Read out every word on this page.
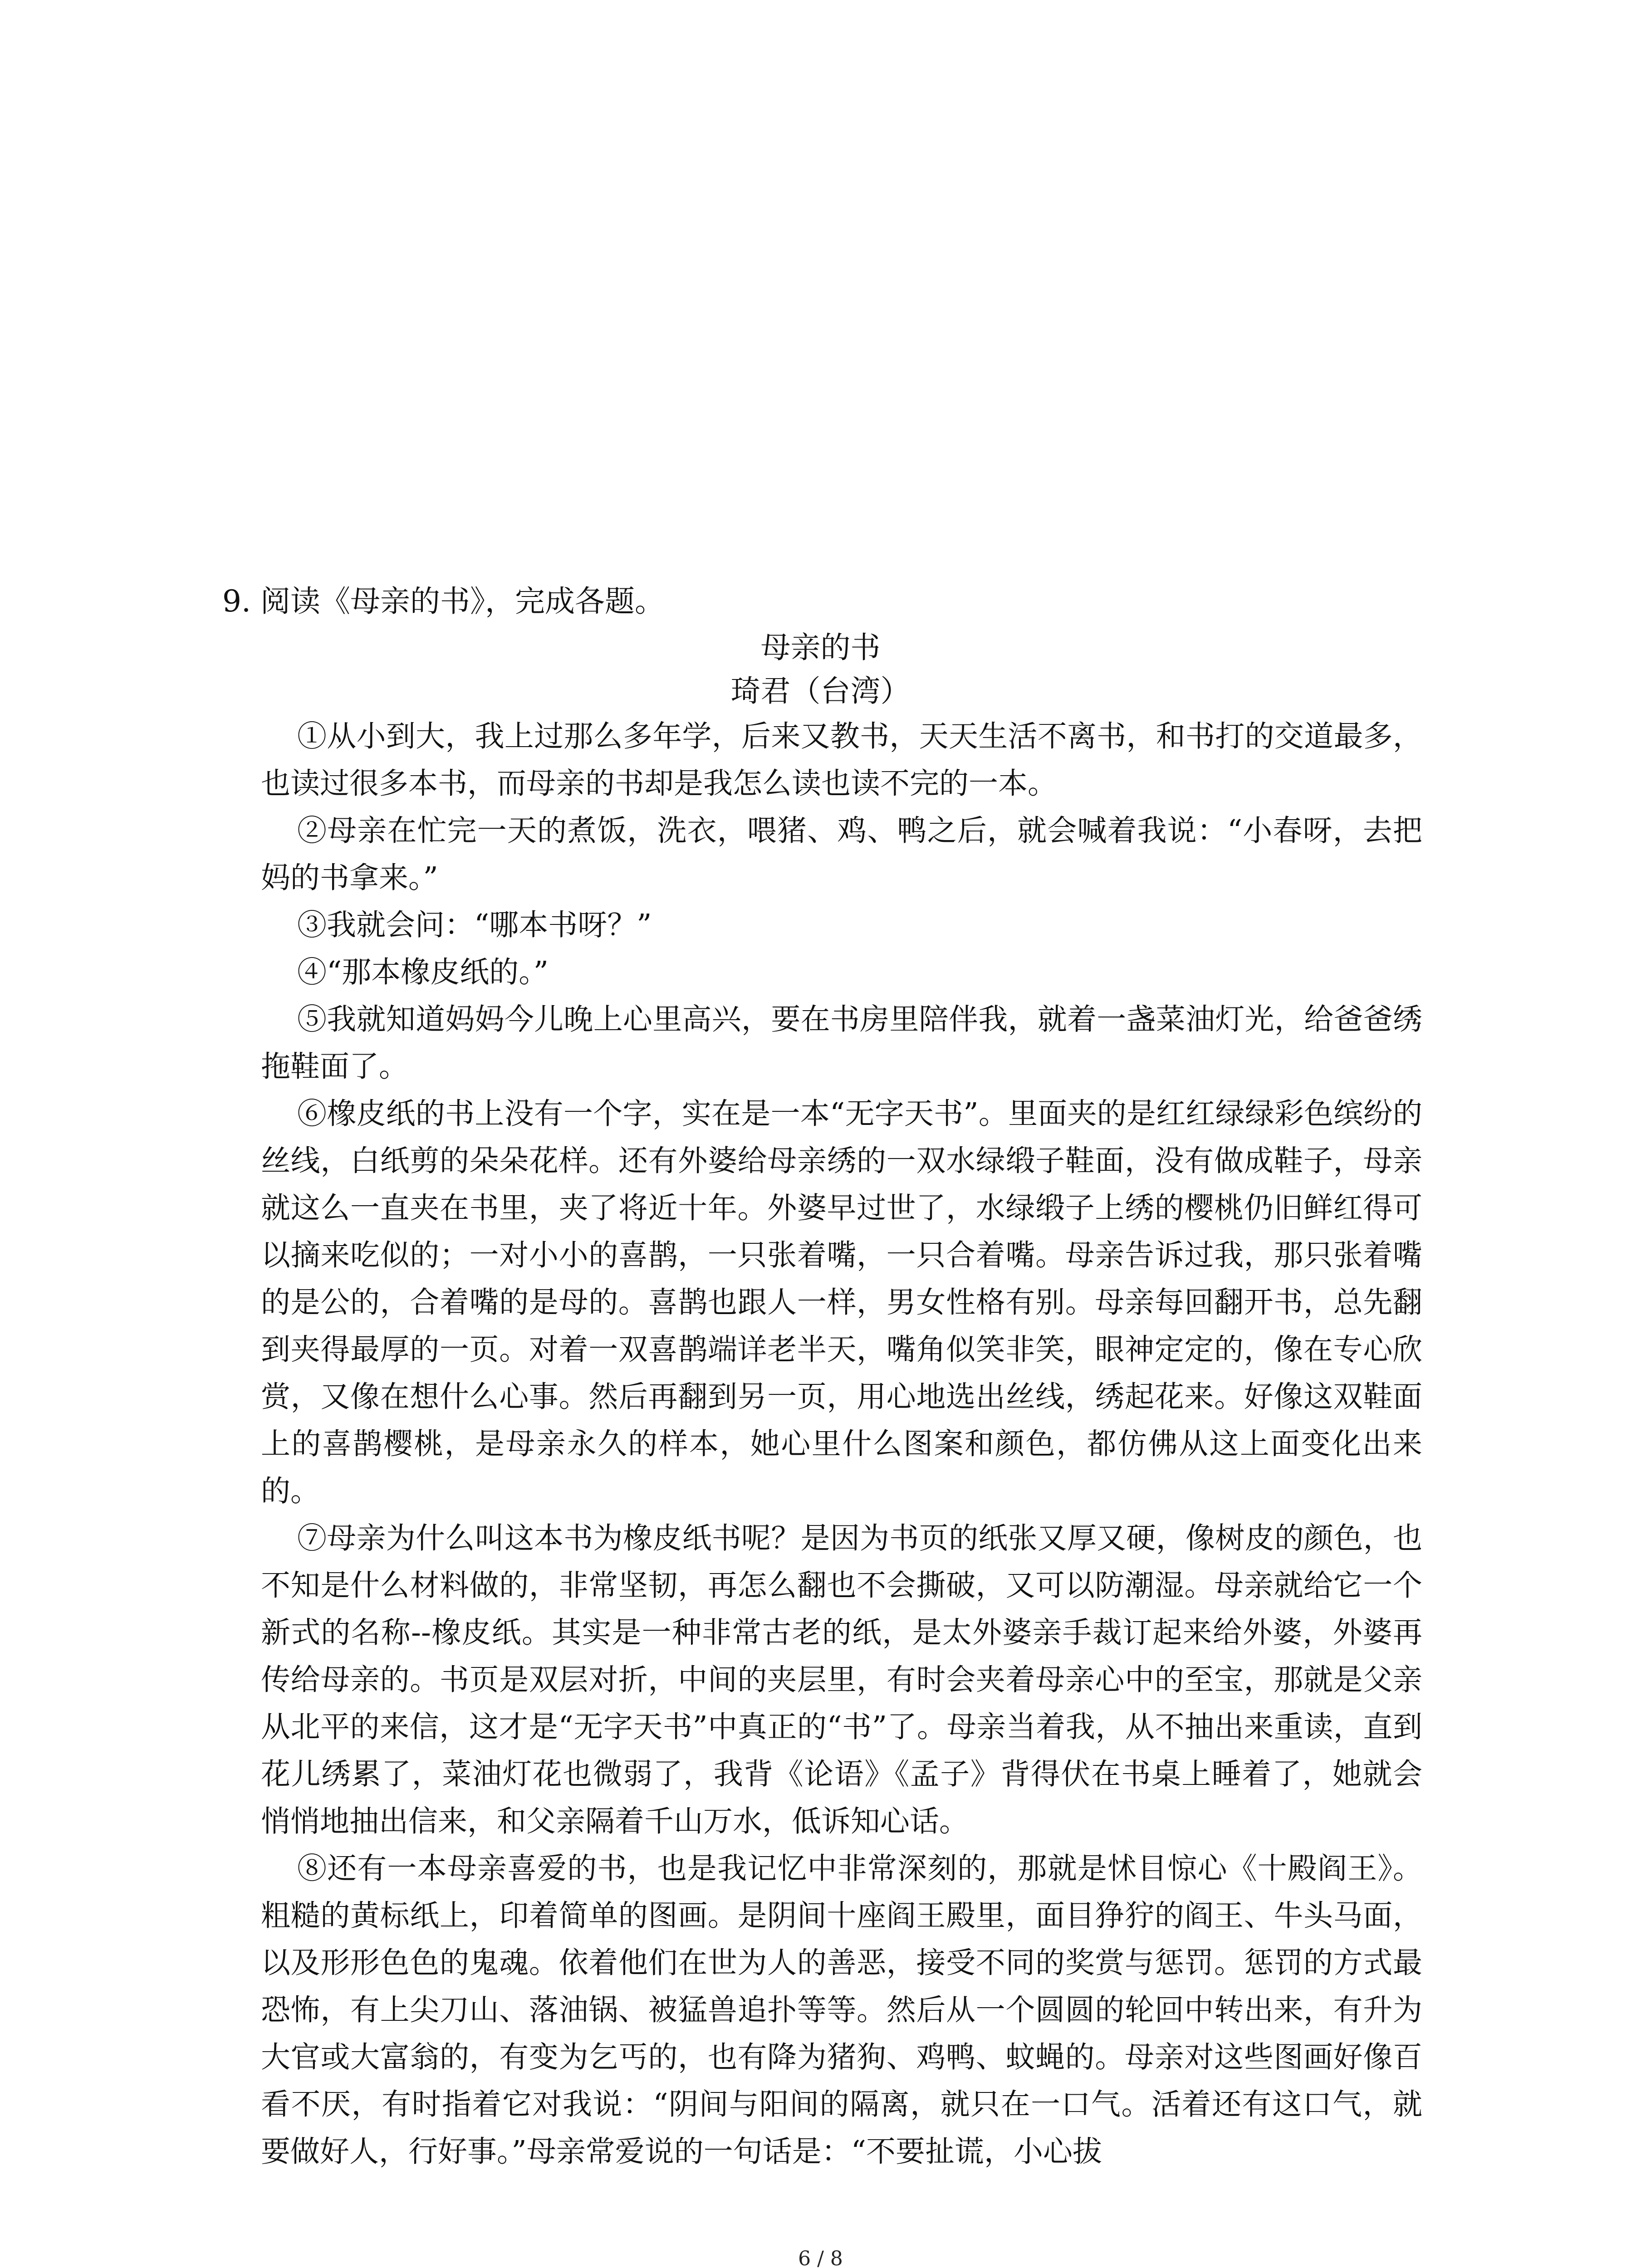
9. 阅读《母亲的书》，完成各题。
母亲的书
琦君（台湾）

①从小到大，我上过那么多年学，后来又教书，天天生活不离书，和书打的交道最多，也读过很多本书，而母亲的书却是我怎么读也读不完的一本。

②母亲在忙完一天的煮饭，洗衣，喂猪、鸡、鸭之后，就会喊着我说：“小春呀，去把妈的书拿来。”

③我就会问：“哪本书呀？”

④“那本橡皮纸的。”

⑤我就知道妈妈今儿晚上心里高兴，要在书房里陪伴我，就着一盏菜油灯光，给爸爸绣拖鞋面了。

⑥橡皮纸的书上没有一个字，实在是一本“无字天书”。里面夹的是红红绿绿彩色缤纷的丝线，白纸剪的朵朵花样。还有外婆给母亲绣的一双水绿缎子鞋面，没有做成鞋子，母亲就这么一直夹在书里，夹了将近十年。外婆早过世了，水绿缎子上绣的樱桃仍旧鲜红得可以摘来吃似的；一对小小的喜鹊，一只张着嘴，一只合着嘴。母亲告诉过我，那只张着嘴的是公的，合着嘴的是母的。喜鹊也跟人一样，男女性格有别。母亲每回翻开书，总先翻到夹得最厚的一页。对着一双喜鹊端详老半天，嘴角似笑非笑，眼神定定的，像在专心欣赏，又像在想什么心事。然后再翻到另一页，用心地选出丝线，绣起花来。好像这双鞋面上的喜鹊樱桃，是母亲永久的样本，她心里什么图案和颜色，都仿佛从这上面变化出来的。

⑦母亲为什么叫这本书为橡皮纸书呢？是因为书页的纸张又厚又硬，像树皮的颜色，也不知是什么材料做的，非常坚韧，再怎么翻也不会撕破，又可以防潮湿。母亲就给它一个新式的名称--橡皮纸。其实是一种非常古老的纸，是太外婆亲手裁订起来给外婆，外婆再传给母亲的。书页是双层对折，中间的夹层里，有时会夹着母亲心中的至宝，那就是父亲从北平的来信，这才是“无字天书”中真正的“书”了。母亲当着我，从不抽出来重读，直到花儿绣累了，菜油灯花也微弱了，我背《论语》《孟子》背得伏在书桌上睡着了，她就会悄悄地抽出信来，和父亲隔着千山万水，低诉知心话。

⑧还有一本母亲喜爱的书，也是我记忆中非常深刻的，那就是怵目惊心《十殿阎王》。粗糙的黄标纸上，印着简单的图画。是阴间十座阎王殿里，面目狰狞的阎王、牛头马面，以及形形色色的鬼魂。依着他们在世为人的善恶，接受不同的奖赏与惩罚。惩罚的方式最恐怖，有上尖刀山、落油锅、被猛兽追扑等等。然后从一个圆圆的轮回中转出来，有升为大官或大富翁的，有变为乞丐的，也有降为猪狗、鸡鸭、蚊蝇的。母亲对这些图画好像百看不厌，有时指着它对我说：“阴间与阳间的隔离，就只在一口气。活着还有这口气，就要做好人，行好事。”母亲常爱说的一句话是：“不要扯谎，小心拔

6 / 8
